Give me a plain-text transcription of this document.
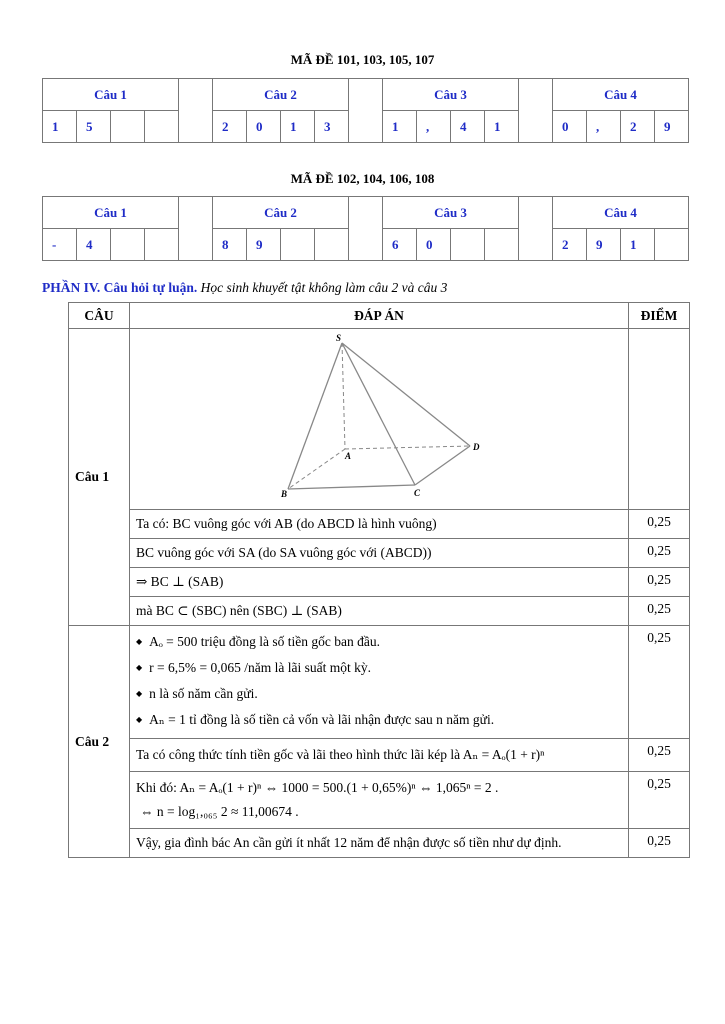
MÃ ĐỀ 101, 103, 105, 107
Câu 1					Câu 2					Câu 3					Câu 4			
1	5				2	0	1	3		1	,	4	1		0	,	2	9
MÃ ĐỀ 102, 104, 106, 108
Câu 1					Câu 2					Câu 3					Câu 4			
-	4				8	9				6	0				2	9	1	
PHẦN IV. Câu hỏi tự luận. Học sinh khuyết tật không làm câu 2 và câu 3
CÂU	ĐÁP ÁN	ĐIỂM
Câu 1	S
A
B C
D	

	Ta có: BC vuông góc với AB (do ABCD là hình vuông)	0,25
	BC vuông góc với SA (do SA vuông góc với (ABCD))	0,25
	⇒ BC ⊥ (SAB)	0,25
	mà BC ⊂ (SBC) nên (SBC) ⊥ (SAB)	0,25
Câu 2	◆ Aₒ = 500 triệu đồng là số tiền gốc ban đầu.
◆ r = 6,5% = 0,065 /năm là lãi suất một kỳ.
◆ n là số năm cần gửi.
◆ Aₙ = 1 tỉ đồng là số tiền cả vốn và lãi nhận được sau n năm gửi.	0,25
	Ta có công thức tính tiền gốc và lãi theo hình thức lãi kép là Aₙ = Aₒ(1 + r)ⁿ	0,25

	Khi đó: Aₙ = Aₒ(1 + r)ⁿ ⇔ 1000 = 500.(1 + 0,65%)ⁿ ⇔ 1,065ⁿ = 2 .
⇔ n = log₁,₀₆₅ 2 ≈ 11,00674 .	0,25
	Vậy, gia đình bác An cần gửi ít nhất 12 năm để nhận được số tiền như dự định.	0,25
